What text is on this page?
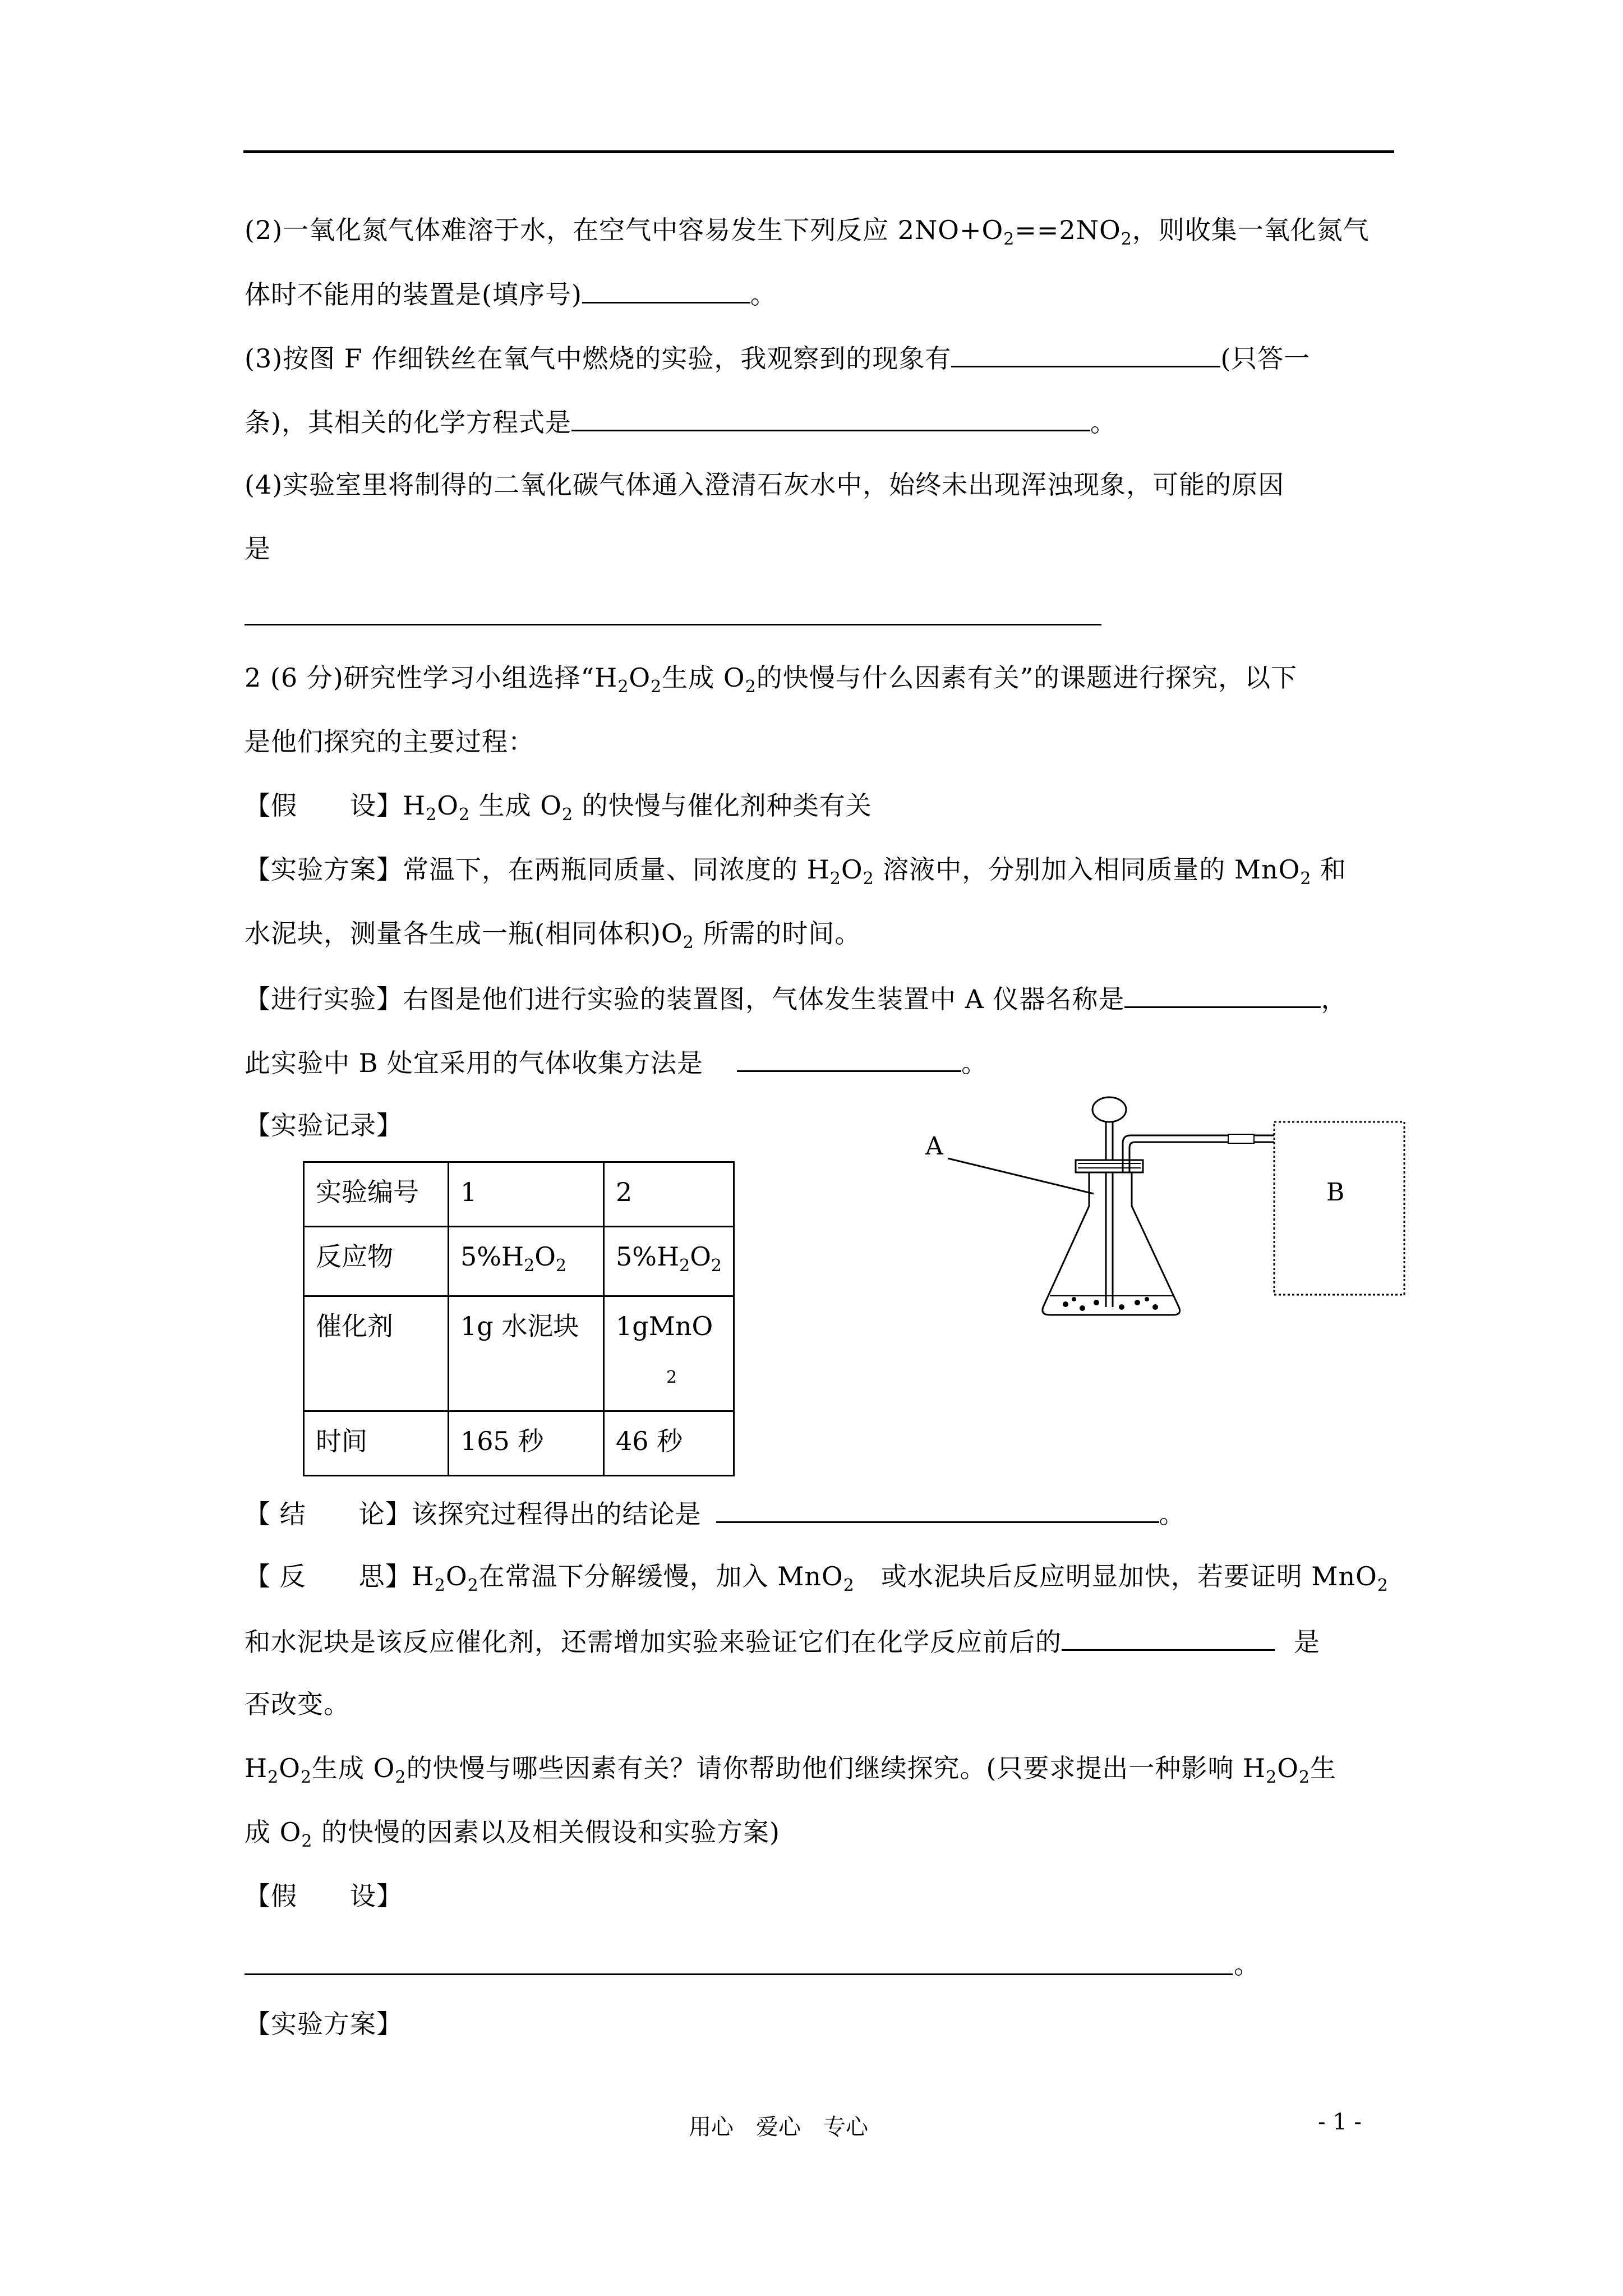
(2)一氧化氮气体难溶于水，在空气中容易发生下列反应 $2NO+O_2==2NO_2$，则收集一氧化氮气
体时不能用的装置是(填序号)	。
(3)按图 F 作细铁丝在氧气中燃烧的实验，我观察到的现象有	(只答一
条)，其相关的化学方程式是	。
(4)实验室里将制得的二氧化碳气体通入澄清石灰水中，始终未出现浑浊现象，可能的原因
是
2 (6 分)研究性学习小组选择“$H_2O_2$生成 $O_2$的快慢与什么因素有关”的课题进行探究，以下
是他们探究的主要过程：
【假　　设】$H_2O_2$ 生成 $O_2$ 的快慢与催化剂种类有关
【实验方案】常温下，在两瓶同质量、同浓度的 $H_2O_2$ 溶液中，分别加入相同质量的 MnO$_2$ 和
水泥块，测量各生成一瓶(相同体积)$O_2$ 所需的时间。
【进行实验】右图是他们进行实验的装置图，气体发生装置中 A 仪器名称是	，
此实验中 B 处宜采用的气体收集方法是	。
【实验记录】
实验编号	1	2
反应物	$5\%H_2O_2$	$5\%H_2O_2$
催化剂	1g 水泥块	1gMnO
2

时间	165 秒	46 秒
A
B
【 结　　论】该探究过程得出的结论是	。
【 反　　思】$H_2O_2$在常温下分解缓慢，加入 MnO$_2$　或水泥块后反应明显加快，若要证明 MnO$_2$
和水泥块是该反应催化剂，还需增加实验来验证它们在化学反应前后的	是
否改变。
$H_2O_2$生成 $O_2$的快慢与哪些因素有关？请你帮助他们继续探究。(只要求提出一种影响 $H_2O_2$生
成 $O_2$ 的快慢的因素以及相关假设和实验方案)
【假　　设】
。
【实验方案】
用心　爱心　专心	- 1 -
